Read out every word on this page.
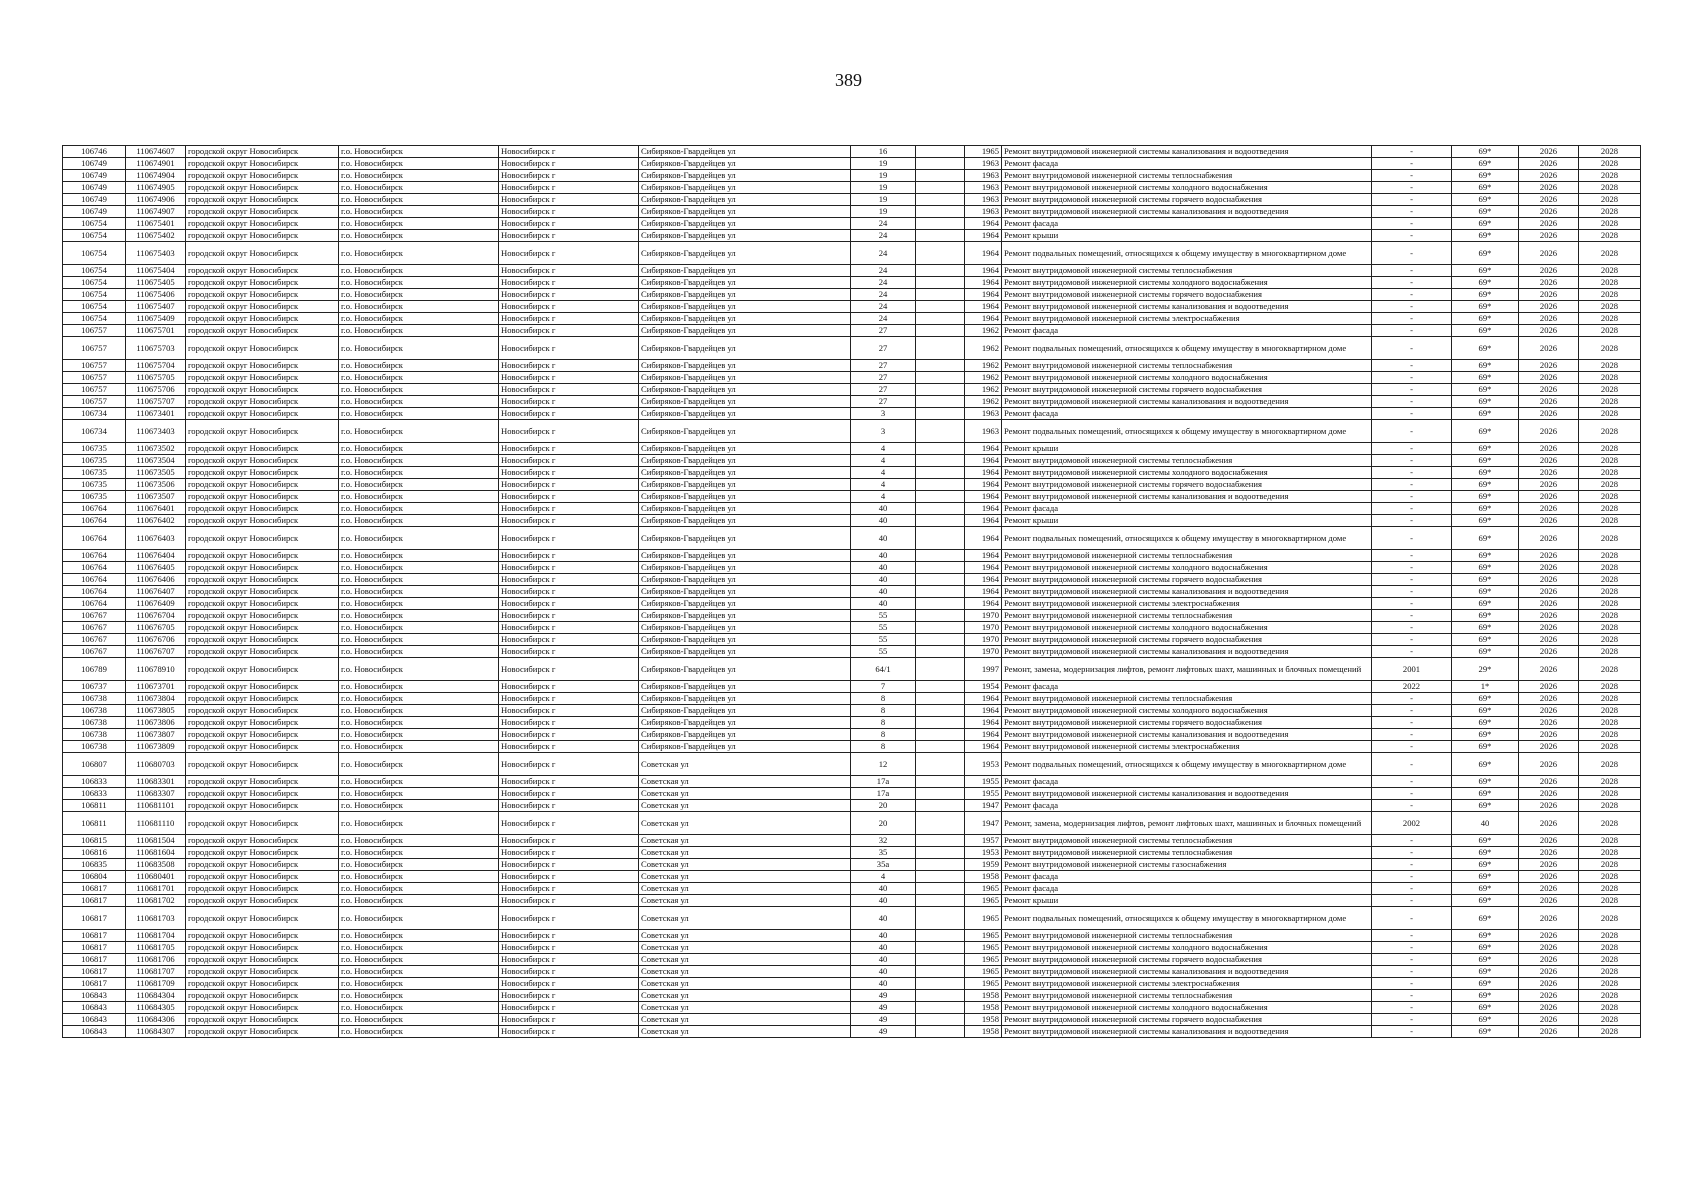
389
106746	110674607	городской округ Новосибирск	г.о. Новосибирск	Новосибирск г	Сибиряков-Гвардейцев ул	16		1965	Ремонт внутридомовой инженерной системы канализования и водоотведения	-	69*	2026	2028
106749	110674901	городской округ Новосибирск	г.о. Новосибирск	Новосибирск г	Сибиряков-Гвардейцев ул	19		1963	Ремонт фасада	-	69*	2026	2028
106749	110674904	городской округ Новосибирск	г.о. Новосибирск	Новосибирск г	Сибиряков-Гвардейцев ул	19		1963	Ремонт внутридомовой инженерной системы теплоснабжения	-	69*	2026	2028
106749	110674905	городской округ Новосибирск	г.о. Новосибирск	Новосибирск г	Сибиряков-Гвардейцев ул	19		1963	Ремонт внутридомовой инженерной системы холодного водоснабжения	-	69*	2026	2028
106749	110674906	городской округ Новосибирск	г.о. Новосибирск	Новосибирск г	Сибиряков-Гвардейцев ул	19		1963	Ремонт внутридомовой инженерной системы горячего водоснабжения	-	69*	2026	2028
106749	110674907	городской округ Новосибирск	г.о. Новосибирск	Новосибирск г	Сибиряков-Гвардейцев ул	19		1963	Ремонт внутридомовой инженерной системы канализования и водоотведения	-	69*	2026	2028
106754	110675401	городской округ Новосибирск	г.о. Новосибирск	Новосибирск г	Сибиряков-Гвардейцев ул	24		1964	Ремонт фасада	-	69*	2026	2028
106754	110675402	городской округ Новосибирск	г.о. Новосибирск	Новосибирск г	Сибиряков-Гвардейцев ул	24		1964	Ремонт крыши	-	69*	2026	2028
106754	110675403	городской округ Новосибирск	г.о. Новосибирск	Новосибирск г	Сибиряков-Гвардейцев ул	24		1964	Ремонт подвальных помещений, относящихся к общему имуществу в многоквартирном доме	-	69*	2026	2028
106754	110675404	городской округ Новосибирск	г.о. Новосибирск	Новосибирск г	Сибиряков-Гвардейцев ул	24		1964	Ремонт внутридомовой инженерной системы теплоснабжения	-	69*	2026	2028
106754	110675405	городской округ Новосибирск	г.о. Новосибирск	Новосибирск г	Сибиряков-Гвардейцев ул	24		1964	Ремонт внутридомовой инженерной системы холодного водоснабжения	-	69*	2026	2028
106754	110675406	городской округ Новосибирск	г.о. Новосибирск	Новосибирск г	Сибиряков-Гвардейцев ул	24		1964	Ремонт внутридомовой инженерной системы горячего водоснабжения	-	69*	2026	2028
106754	110675407	городской округ Новосибирск	г.о. Новосибирск	Новосибирск г	Сибиряков-Гвардейцев ул	24		1964	Ремонт внутридомовой инженерной системы канализования и водоотведения	-	69*	2026	2028
106754	110675409	городской округ Новосибирск	г.о. Новосибирск	Новосибирск г	Сибиряков-Гвардейцев ул	24		1964	Ремонт внутридомовой инженерной системы электроснабжения	-	69*	2026	2028
106757	110675701	городской округ Новосибирск	г.о. Новосибирск	Новосибирск г	Сибиряков-Гвардейцев ул	27		1962	Ремонт фасада	-	69*	2026	2028
106757	110675703	городской округ Новосибирск	г.о. Новосибирск	Новосибирск г	Сибиряков-Гвардейцев ул	27		1962	Ремонт подвальных помещений, относящихся к общему имуществу в многоквартирном доме	-	69*	2026	2028
106757	110675704	городской округ Новосибирск	г.о. Новосибирск	Новосибирск г	Сибиряков-Гвардейцев ул	27		1962	Ремонт внутридомовой инженерной системы теплоснабжения	-	69*	2026	2028
106757	110675705	городской округ Новосибирск	г.о. Новосибирск	Новосибирск г	Сибиряков-Гвардейцев ул	27		1962	Ремонт внутридомовой инженерной системы холодного водоснабжения	-	69*	2026	2028
106757	110675706	городской округ Новосибирск	г.о. Новосибирск	Новосибирск г	Сибиряков-Гвардейцев ул	27		1962	Ремонт внутридомовой инженерной системы горячего водоснабжения	-	69*	2026	2028
106757	110675707	городской округ Новосибирск	г.о. Новосибирск	Новосибирск г	Сибиряков-Гвардейцев ул	27		1962	Ремонт внутридомовой инженерной системы канализования и водоотведения	-	69*	2026	2028
106734	110673401	городской округ Новосибирск	г.о. Новосибирск	Новосибирск г	Сибиряков-Гвардейцев ул	3		1963	Ремонт фасада	-	69*	2026	2028
106734	110673403	городской округ Новосибирск	г.о. Новосибирск	Новосибирск г	Сибиряков-Гвардейцев ул	3		1963	Ремонт подвальных помещений, относящихся к общему имуществу в многоквартирном доме	-	69*	2026	2028
106735	110673502	городской округ Новосибирск	г.о. Новосибирск	Новосибирск г	Сибиряков-Гвардейцев ул	4		1964	Ремонт крыши	-	69*	2026	2028
106735	110673504	городской округ Новосибирск	г.о. Новосибирск	Новосибирск г	Сибиряков-Гвардейцев ул	4		1964	Ремонт внутридомовой инженерной системы теплоснабжения	-	69*	2026	2028
106735	110673505	городской округ Новосибирск	г.о. Новосибирск	Новосибирск г	Сибиряков-Гвардейцев ул	4		1964	Ремонт внутридомовой инженерной системы холодного водоснабжения	-	69*	2026	2028
106735	110673506	городской округ Новосибирск	г.о. Новосибирск	Новосибирск г	Сибиряков-Гвардейцев ул	4		1964	Ремонт внутридомовой инженерной системы горячего водоснабжения	-	69*	2026	2028
106735	110673507	городской округ Новосибирск	г.о. Новосибирск	Новосибирск г	Сибиряков-Гвардейцев ул	4		1964	Ремонт внутридомовой инженерной системы канализования и водоотведения	-	69*	2026	2028
106764	110676401	городской округ Новосибирск	г.о. Новосибирск	Новосибирск г	Сибиряков-Гвардейцев ул	40		1964	Ремонт фасада	-	69*	2026	2028
106764	110676402	городской округ Новосибирск	г.о. Новосибирск	Новосибирск г	Сибиряков-Гвардейцев ул	40		1964	Ремонт крыши	-	69*	2026	2028
106764	110676403	городской округ Новосибирск	г.о. Новосибирск	Новосибирск г	Сибиряков-Гвардейцев ул	40		1964	Ремонт подвальных помещений, относящихся к общему имуществу в многоквартирном доме	-	69*	2026	2028
106764	110676404	городской округ Новосибирск	г.о. Новосибирск	Новосибирск г	Сибиряков-Гвардейцев ул	40		1964	Ремонт внутридомовой инженерной системы теплоснабжения	-	69*	2026	2028
106764	110676405	городской округ Новосибирск	г.о. Новосибирск	Новосибирск г	Сибиряков-Гвардейцев ул	40		1964	Ремонт внутридомовой инженерной системы холодного водоснабжения	-	69*	2026	2028
106764	110676406	городской округ Новосибирск	г.о. Новосибирск	Новосибирск г	Сибиряков-Гвардейцев ул	40		1964	Ремонт внутридомовой инженерной системы горячего водоснабжения	-	69*	2026	2028
106764	110676407	городской округ Новосибирск	г.о. Новосибирск	Новосибирск г	Сибиряков-Гвардейцев ул	40		1964	Ремонт внутридомовой инженерной системы канализования и водоотведения	-	69*	2026	2028
106764	110676409	городской округ Новосибирск	г.о. Новосибирск	Новосибирск г	Сибиряков-Гвардейцев ул	40		1964	Ремонт внутридомовой инженерной системы электроснабжения	-	69*	2026	2028
106767	110676704	городской округ Новосибирск	г.о. Новосибирск	Новосибирск г	Сибиряков-Гвардейцев ул	55		1970	Ремонт внутридомовой инженерной системы теплоснабжения	-	69*	2026	2028
106767	110676705	городской округ Новосибирск	г.о. Новосибирск	Новосибирск г	Сибиряков-Гвардейцев ул	55		1970	Ремонт внутридомовой инженерной системы холодного водоснабжения	-	69*	2026	2028
106767	110676706	городской округ Новосибирск	г.о. Новосибирск	Новосибирск г	Сибиряков-Гвардейцев ул	55		1970	Ремонт внутридомовой инженерной системы горячего водоснабжения	-	69*	2026	2028
106767	110676707	городской округ Новосибирск	г.о. Новосибирск	Новосибирск г	Сибиряков-Гвардейцев ул	55		1970	Ремонт внутридомовой инженерной системы канализования и водоотведения	-	69*	2026	2028
106789	110678910	городской округ Новосибирск	г.о. Новосибирск	Новосибирск г	Сибиряков-Гвардейцев ул	64/1		1997	Ремонт, замена, модернизация лифтов, ремонт лифтовых шахт, машинных и блочных помещений	2001	29*	2026	2028
106737	110673701	городской округ Новосибирск	г.о. Новосибирск	Новосибирск г	Сибиряков-Гвардейцев ул	7		1954	Ремонт фасада	2022	1*	2026	2028
106738	110673804	городской округ Новосибирск	г.о. Новосибирск	Новосибирск г	Сибиряков-Гвардейцев ул	8		1964	Ремонт внутридомовой инженерной системы теплоснабжения	-	69*	2026	2028
106738	110673805	городской округ Новосибирск	г.о. Новосибирск	Новосибирск г	Сибиряков-Гвардейцев ул	8		1964	Ремонт внутридомовой инженерной системы холодного водоснабжения	-	69*	2026	2028
106738	110673806	городской округ Новосибирск	г.о. Новосибирск	Новосибирск г	Сибиряков-Гвардейцев ул	8		1964	Ремонт внутридомовой инженерной системы горячего водоснабжения	-	69*	2026	2028
106738	110673807	городской округ Новосибирск	г.о. Новосибирск	Новосибирск г	Сибиряков-Гвардейцев ул	8		1964	Ремонт внутридомовой инженерной системы канализования и водоотведения	-	69*	2026	2028
106738	110673809	городской округ Новосибирск	г.о. Новосибирск	Новосибирск г	Сибиряков-Гвардейцев ул	8		1964	Ремонт внутридомовой инженерной системы электроснабжения	-	69*	2026	2028
106807	110680703	городской округ Новосибирск	г.о. Новосибирск	Новосибирск г	Советская ул	12		1953	Ремонт подвальных помещений, относящихся к общему имуществу в многоквартирном доме	-	69*	2026	2028
106833	110683301	городской округ Новосибирск	г.о. Новосибирск	Новосибирск г	Советская ул	17а		1955	Ремонт фасада	-	69*	2026	2028
106833	110683307	городской округ Новосибирск	г.о. Новосибирск	Новосибирск г	Советская ул	17а		1955	Ремонт внутридомовой инженерной системы канализования и водоотведения	-	69*	2026	2028
106811	110681101	городской округ Новосибирск	г.о. Новосибирск	Новосибирск г	Советская ул	20		1947	Ремонт фасада	-	69*	2026	2028
106811	110681110	городской округ Новосибирск	г.о. Новосибирск	Новосибирск г	Советская ул	20		1947	Ремонт, замена, модернизация лифтов, ремонт лифтовых шахт, машинных и блочных помещений	2002	40	2026	2028
106815	110681504	городской округ Новосибирск	г.о. Новосибирск	Новосибирск г	Советская ул	32		1957	Ремонт внутридомовой инженерной системы теплоснабжения	-	69*	2026	2028
106816	110681604	городской округ Новосибирск	г.о. Новосибирск	Новосибирск г	Советская ул	35		1953	Ремонт внутридомовой инженерной системы теплоснабжения	-	69*	2026	2028
106835	110683508	городской округ Новосибирск	г.о. Новосибирск	Новосибирск г	Советская ул	35а		1959	Ремонт внутридомовой инженерной системы газоснабжения	-	69*	2026	2028
106804	110680401	городской округ Новосибирск	г.о. Новосибирск	Новосибирск г	Советская ул	4		1958	Ремонт фасада	-	69*	2026	2028
106817	110681701	городской округ Новосибирск	г.о. Новосибирск	Новосибирск г	Советская ул	40		1965	Ремонт фасада	-	69*	2026	2028
106817	110681702	городской округ Новосибирск	г.о. Новосибирск	Новосибирск г	Советская ул	40		1965	Ремонт крыши	-	69*	2026	2028
106817	110681703	городской округ Новосибирск	г.о. Новосибирск	Новосибирск г	Советская ул	40		1965	Ремонт подвальных помещений, относящихся к общему имуществу в многоквартирном доме	-	69*	2026	2028
106817	110681704	городской округ Новосибирск	г.о. Новосибирск	Новосибирск г	Советская ул	40		1965	Ремонт внутридомовой инженерной системы теплоснабжения	-	69*	2026	2028
106817	110681705	городской округ Новосибирск	г.о. Новосибирск	Новосибирск г	Советская ул	40		1965	Ремонт внутридомовой инженерной системы холодного водоснабжения	-	69*	2026	2028
106817	110681706	городской округ Новосибирск	г.о. Новосибирск	Новосибирск г	Советская ул	40		1965	Ремонт внутридомовой инженерной системы горячего водоснабжения	-	69*	2026	2028
106817	110681707	городской округ Новосибирск	г.о. Новосибирск	Новосибирск г	Советская ул	40		1965	Ремонт внутридомовой инженерной системы канализования и водоотведения	-	69*	2026	2028
106817	110681709	городской округ Новосибирск	г.о. Новосибирск	Новосибирск г	Советская ул	40		1965	Ремонт внутридомовой инженерной системы электроснабжения	-	69*	2026	2028
106843	110684304	городской округ Новосибирск	г.о. Новосибирск	Новосибирск г	Советская ул	49		1958	Ремонт внутридомовой инженерной системы теплоснабжения	-	69*	2026	2028
106843	110684305	городской округ Новосибирск	г.о. Новосибирск	Новосибирск г	Советская ул	49		1958	Ремонт внутридомовой инженерной системы холодного водоснабжения	-	69*	2026	2028
106843	110684306	городской округ Новосибирск	г.о. Новосибирск	Новосибирск г	Советская ул	49		1958	Ремонт внутридомовой инженерной системы горячего водоснабжения	-	69*	2026	2028
106843	110684307	городской округ Новосибирск	г.о. Новосибирск	Новосибирск г	Советская ул	49		1958	Ремонт внутридомовой инженерной системы канализования и водоотведения	-	69*	2026	2028
